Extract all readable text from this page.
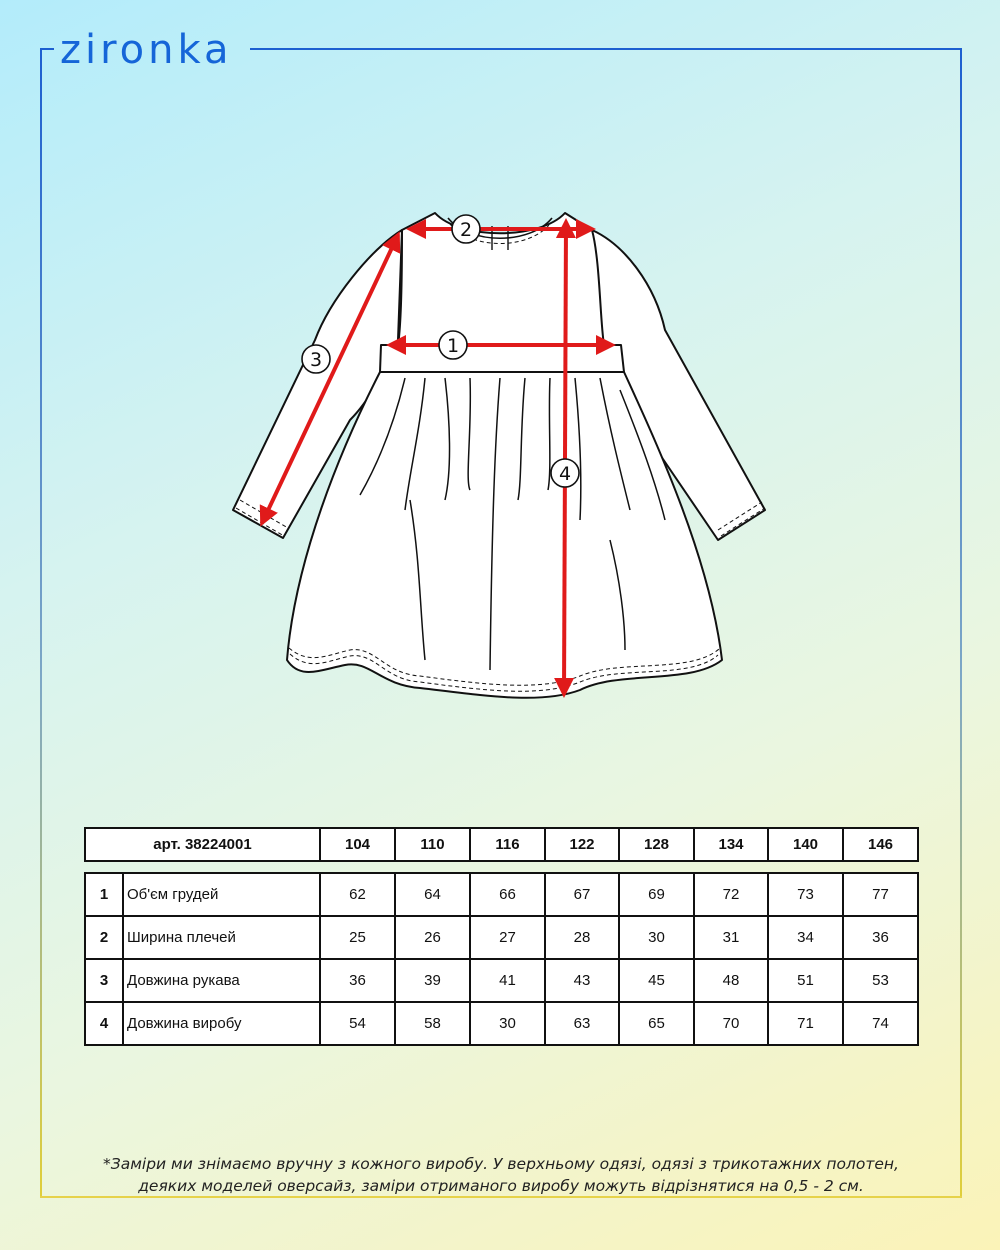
zironka
1
2
3
4
арт. 38224001	104	110	116	122	128	134	140	146
1	Об'єм грудей	62	64	66	67	69	72	73	77
2	Ширина плечей	25	26	27	28	30	31	34	36
3	Довжина рукава	36	39	41	43	45	48	51	53
4	Довжина виробу	54	58	30	63	65	70	71	74
*Заміри ми знімаємо вручну з кожного виробу. У верхньому одязі, одязі з трикотажних полотен,
деяких моделей оверсайз, заміри отриманого виробу можуть відрізнятися на 0,5 - 2 см.
